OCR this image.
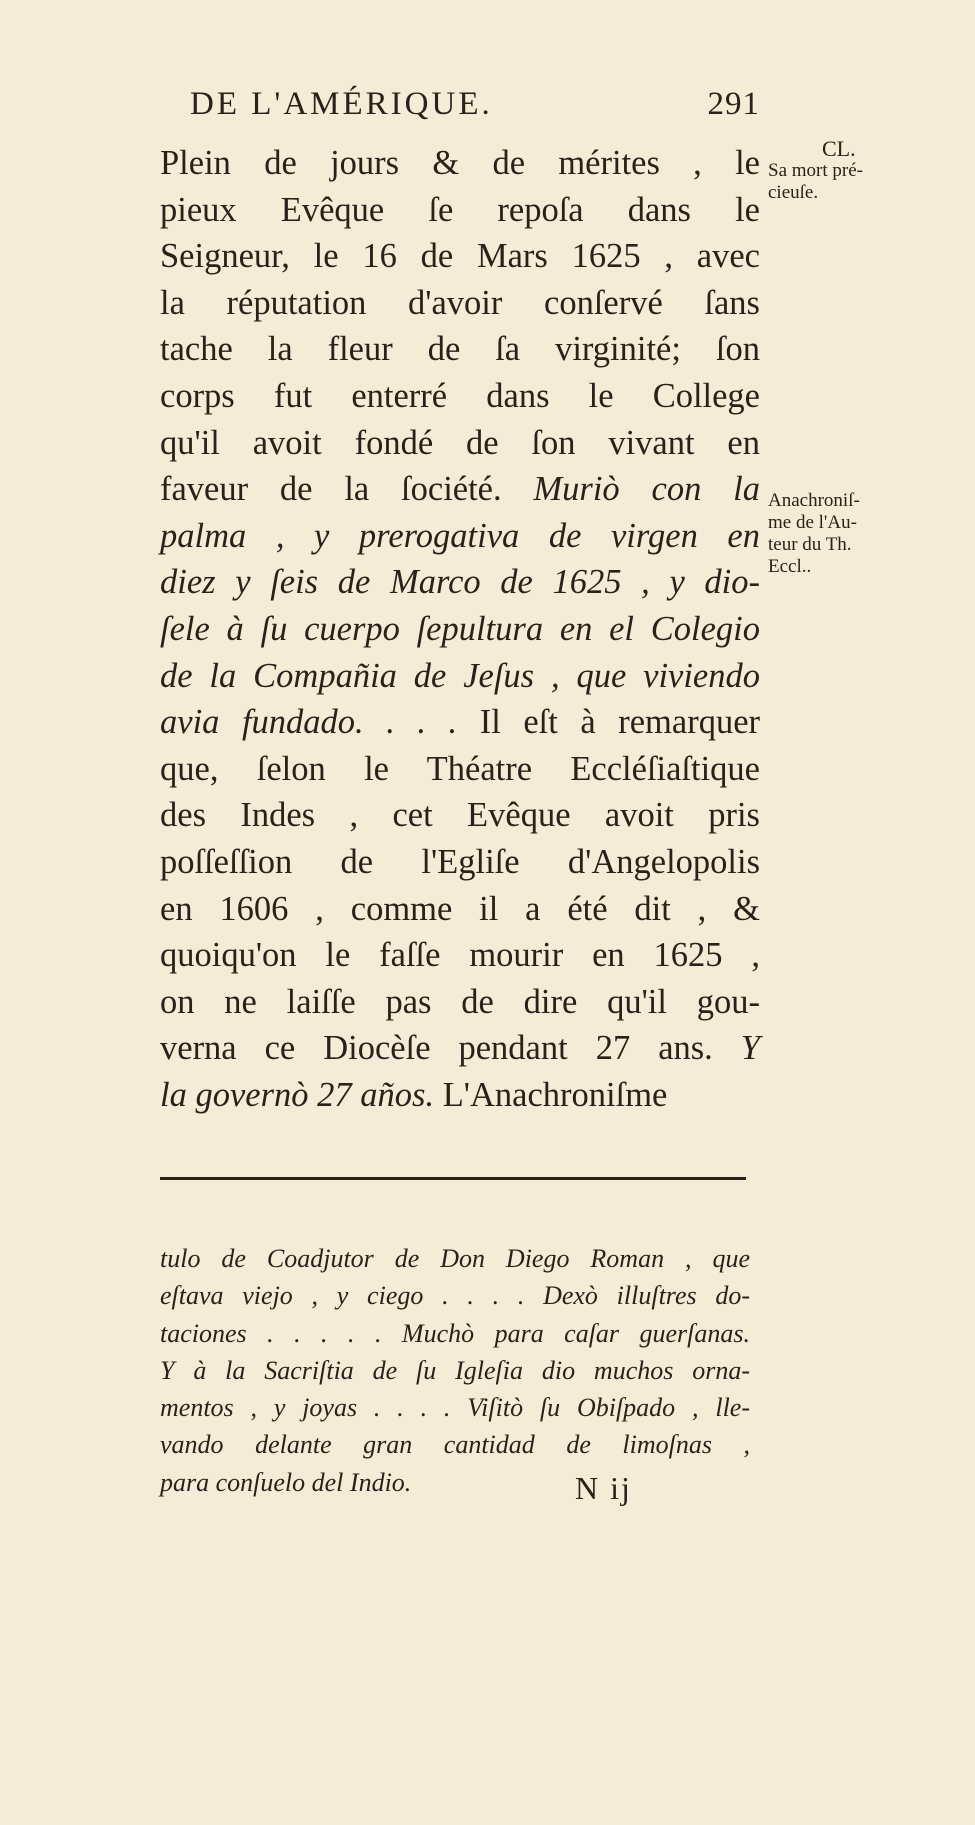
DE L'AMÉRIQUE.	291
Plein de jours & de mérites , le
pieux Evêque ſe repoſa dans le
Seigneur, le 16 de Mars 1625 , avec
la réputation d'avoir conſervé ſans
tache la fleur de ſa virginité; ſon
corps fut enterré dans le College
qu'il avoit fondé de ſon vivant en
faveur de la ſociété. Muriò con la
palma , y prerogativa de virgen en
diez y ſeis de Marco de 1625 , y dio-
ſele à ſu cuerpo ſepultura en el Colegio
de la Compañia de Jeſus , que viviendo
avia fundado. . . . Il eſt à remarquer
que, ſelon le Théatre Eccléſiaſtique
des Indes , cet Evêque avoit pris
poſſeſſion de l'Egliſe d'Angelopolis
en 1606 , comme il a été dit , &
quoiqu'on le faſſe mourir en 1625 ,
on ne laiſſe pas de dire qu'il gou-
verna ce Diocèſe pendant 27 ans. Y
la governò 27 años. L'Anachroniſme
CL.
Sa mort pré-
cieuſe.
Anachroniſ-
me de l'Au-
teur du Th.
Eccl..
tulo de Coadjutor de Don Diego Roman , que
eſtava viejo , y ciego . . . . Dexò illuſtres do-
taciones . . . . . Muchò para caſar guerſanas.
Y à la Sacriſtia de ſu Igleſia dio muchos orna-
mentos , y joyas . . . . Viſitò ſu Obiſpado , lle-
vando delante gran cantidad de limoſnas ,
para conſuelo del Indio.	N ij
